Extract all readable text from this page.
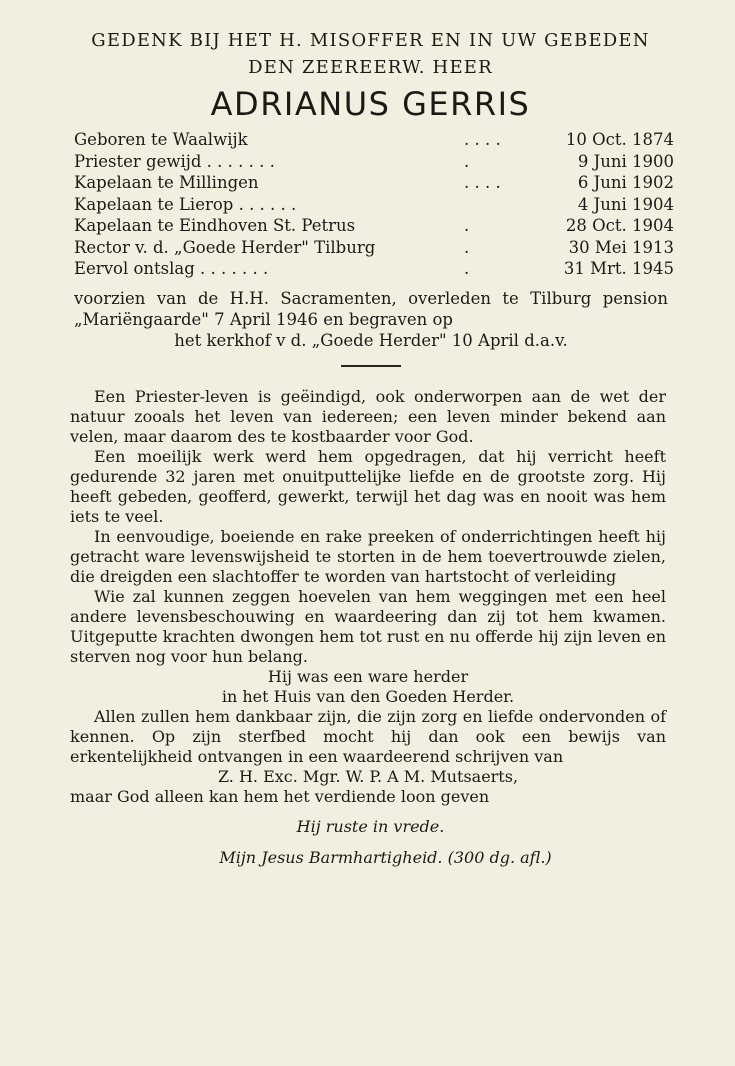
GEDENK BIJ HET H. MISOFFER EN IN UW GEBEDEN
DEN ZEEREERW. HEER
ADRIANUS GERRIS
Geboren te Waalwijk	. . . .	10 Oct. 1874
Priester gewijd . . . . . . .	.	9 Juni 1900
Kapelaan te Millingen	. . . .	6 Juni 1902
Kapelaan te Lierop . . . . . .		4 Juni 1904
Kapelaan te Eindhoven St. Petrus	.	28 Oct. 1904
Rector v. d. „Goede Herder" Tilburg	.	30 Mei 1913
Eervol ontslag . . . . . . .	.	31 Mrt. 1945
voorzien van de H.H. Sacramenten, overleden te Tilburg pension „Mariëngaarde" 7 April 1946 en begraven op
het kerkhof v d. „Goede Herder" 10 April d.a.v.

Een Priester-leven is geëindigd, ook onderworpen aan de wet der natuur zooals het leven van iedereen; een leven minder bekend aan velen, maar daarom des te kostbaarder voor God.

Een moeilijk werk werd hem opgedragen, dat hij verricht heeft gedurende 32 jaren met onuitputtelijke liefde en de grootste zorg. Hij heeft gebeden, geofferd, gewerkt, terwijl het dag was en nooit was hem iets te veel.

In eenvoudige, boeiende en rake preeken of onderrichtingen heeft hij getracht ware levenswijsheid te storten in de hem toevertrouwde zielen, die dreigden een slachtoffer te worden van hartstocht of verleiding

Wie zal kunnen zeggen hoevelen van hem weggingen met een heel andere levensbeschouwing en waardeering dan zij tot hem kwamen. Uitgeputte krachten dwongen hem tot rust en nu offerde hij zijn leven en sterven nog voor hun belang.

Hij was een ware herder
in het Huis van den Goeden Herder.

Allen zullen hem dankbaar zijn, die zijn zorg en liefde ondervonden of kennen. Op zijn sterfbed mocht hij dan ook een bewijs van erkentelijkheid ontvangen in een waardeerend schrijven van

Z. H. Exc. Mgr. W. P. A M. Mutsaerts,

maar God alleen kan hem het verdiende loon geven

Hij ruste in vrede.
Mijn Jesus Barmhartigheid. (300 dg. afl.)
